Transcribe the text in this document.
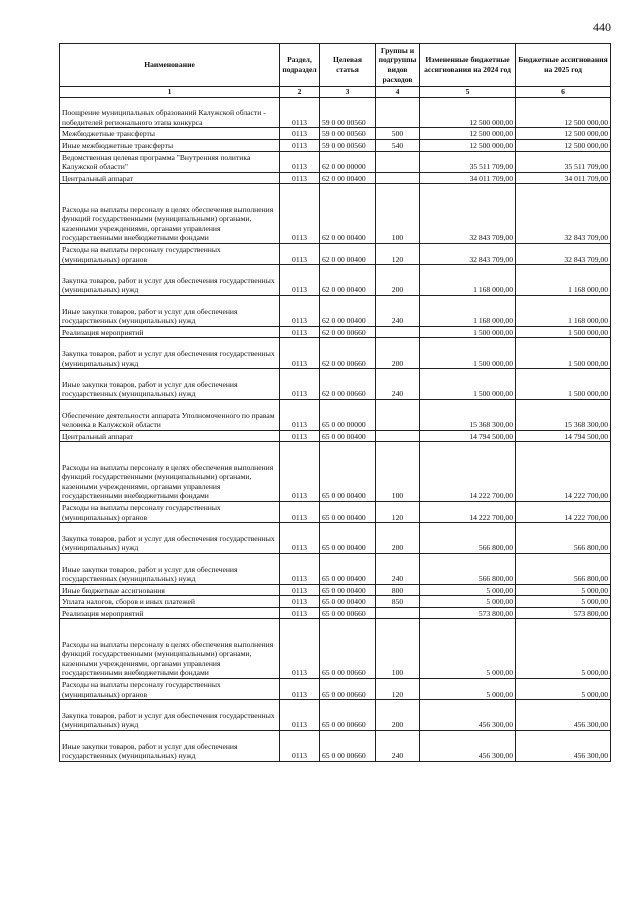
440
Наименование	Раздел, подраздел	Целевая статья	Группы и подгруппы видов расходов	Измененные бюджетные ассигнования на 2024 год	Бюджетные ассигнования на 2025 год
1	2	3	4	5	6
Поощрение муниципальных образований Калужской области - победителей регионального этапа конкурса	0113	59 0 00 00560		12 500 000,00	12 500 000,00
Межбюджетные трансферты	0113	59 0 00 00560	500	12 500 000,00	12 500 000,00
Иные межбюджетные трансферты	0113	59 0 00 00560	540	12 500 000,00	12 500 000,00
Ведомственная целевая программа "Внутренняя политика Калужской области"	0113	62 0 00 00000		35 511 709,00	35 511 709,00
Центральный аппарат	0113	62 0 00 00400		34 011 709,00	34 011 709,00
Расходы на выплаты персоналу в целях обеспечения выполнения функций государственными (муниципальными) органами, казенными учреждениями, органами управления государственными внебюджетными фондами	0113	62 0 00 00400	100	32 843 709,00	32 843 709,00
Расходы на выплаты персоналу государственных (муниципальных) органов	0113	62 0 00 00400	120	32 843 709,00	32 843 709,00
Закупка товаров, работ и услуг для обеспечения государственных (муниципальных) нужд	0113	62 0 00 00400	200	1 168 000,00	1 168 000,00
Иные закупки товаров, работ и услуг для обеспечения государственных (муниципальных) нужд	0113	62 0 00 00400	240	1 168 000,00	1 168 000,00
Реализация мероприятий	0113	62 0 00 00660		1 500 000,00	1 500 000,00
Закупка товаров, работ и услуг для обеспечения государственных (муниципальных) нужд	0113	62 0 00 00660	200	1 500 000,00	1 500 000,00
Иные закупки товаров, работ и услуг для обеспечения государственных (муниципальных) нужд	0113	62 0 00 00660	240	1 500 000,00	1 500 000,00
Обеспечение деятельности аппарата Уполномоченного по правам человека в Калужской области	0113	65 0 00 00000		15 368 300,00	15 368 300,00
Центральный аппарат	0113	65 0 00 00400		14 794 500,00	14 794 500,00
Расходы на выплаты персоналу в целях обеспечения выполнения функций государственными (муниципальными) органами, казенными учреждениями, органами управления государственными внебюджетными фондами	0113	65 0 00 00400	100	14 222 700,00	14 222 700,00
Расходы на выплаты персоналу государственных (муниципальных) органов	0113	65 0 00 00400	120	14 222 700,00	14 222 700,00
Закупка товаров, работ и услуг для обеспечения государственных (муниципальных) нужд	0113	65 0 00 00400	200	566 800,00	566 800,00
Иные закупки товаров, работ и услуг для обеспечения государственных (муниципальных) нужд	0113	65 0 00 00400	240	566 800,00	566 800,00
Иные бюджетные ассигнования	0113	65 0 00 00400	800	5 000,00	5 000,00
Уплата налогов, сборов и иных платежей	0113	65 0 00 00400	850	5 000,00	5 000,00
Реализация мероприятий	0113	65 0 00 00660		573 800,00	573 800,00
Расходы на выплаты персоналу в целях обеспечения выполнения функций государственными (муниципальными) органами, казенными учреждениями, органами управления государственными внебюджетными фондами	0113	65 0 00 00660	100	5 000,00	5 000,00
Расходы на выплаты персоналу государственных (муниципальных) органов	0113	65 0 00 00660	120	5 000,00	5 000,00
Закупка товаров, работ и услуг для обеспечения государственных (муниципальных) нужд	0113	65 0 00 00660	200	456 300,00	456 300,00
Иные закупки товаров, работ и услуг для обеспечения государственных (муниципальных) нужд	0113	65 0 00 00660	240	456 300,00	456 300,00
